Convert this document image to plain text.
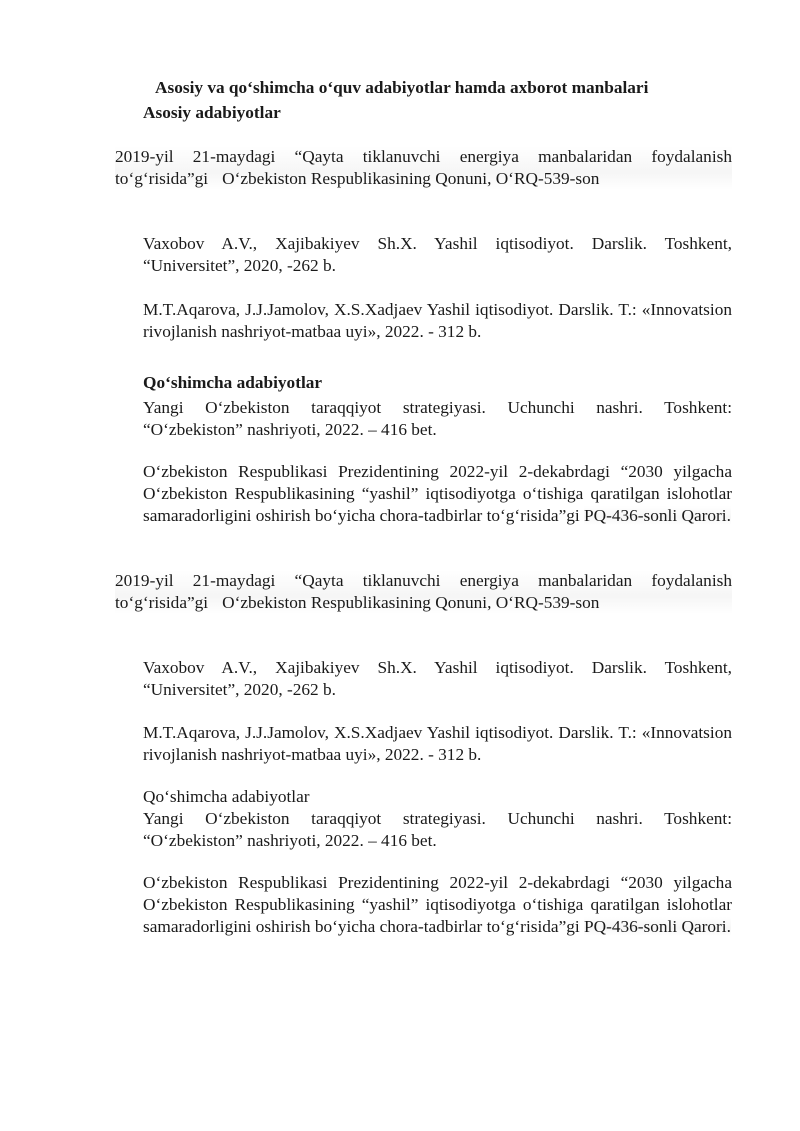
Asosiy va qo‘shimcha o‘quv adabiyotlar hamda axborot manbalari

Asosiy adabiyotlar

2019-yil 21-maydagi “Qayta tiklanuvchi energiya manbalaridan foydalanish to‘g‘risida”gi O‘zbekiston Respublikasining Qonuni, O‘RQ-539-son

Vaxobov A.V., Xajibakiyev Sh.X. Yashil iqtisodiyot. Darslik. Toshkent, “Universitet”, 2020, -262 b.

M.T.Aqarova, J.J.Jamolov, X.S.Xadjaev Yashil iqtisodiyot. Darslik. T.: «Innovatsion rivojlanish nashriyot-matbaa uyi», 2022. - 312 b.

Qo‘shimcha adabiyotlar

Yangi O‘zbekiston taraqqiyot strategiyasi. Uchunchi nashri. Toshkent: “O‘zbekiston” nashriyoti, 2022. – 416 bet.

O‘zbekiston Respublikasi Prezidentining 2022-yil 2-dekabrdagi “2030 yilgacha O‘zbekiston Respublikasining “yashil” iqtisodiyotga o‘tishiga qaratilgan islohotlar samaradorligini oshirish bo‘yicha chora-tadbirlar to‘g‘risida”gi PQ-436-sonli Qarori.

2019-yil 21-maydagi “Qayta tiklanuvchi energiya manbalaridan foydalanish to‘g‘risida”gi O‘zbekiston Respublikasining Qonuni, O‘RQ-539-son

Vaxobov A.V., Xajibakiyev Sh.X. Yashil iqtisodiyot. Darslik. Toshkent, “Universitet”, 2020, -262 b.

M.T.Aqarova, J.J.Jamolov, X.S.Xadjaev Yashil iqtisodiyot. Darslik. T.: «Innovatsion rivojlanish nashriyot-matbaa uyi», 2022. - 312 b.

Qo‘shimcha adabiyotlar

Yangi O‘zbekiston taraqqiyot strategiyasi. Uchunchi nashri. Toshkent: “O‘zbekiston” nashriyoti, 2022. – 416 bet.

O‘zbekiston Respublikasi Prezidentining 2022-yil 2-dekabrdagi “2030 yilgacha O‘zbekiston Respublikasining “yashil” iqtisodiyotga o‘tishiga qaratilgan islohotlar samaradorligini oshirish bo‘yicha chora-tadbirlar to‘g‘risida”gi PQ-436-sonli Qarori.
